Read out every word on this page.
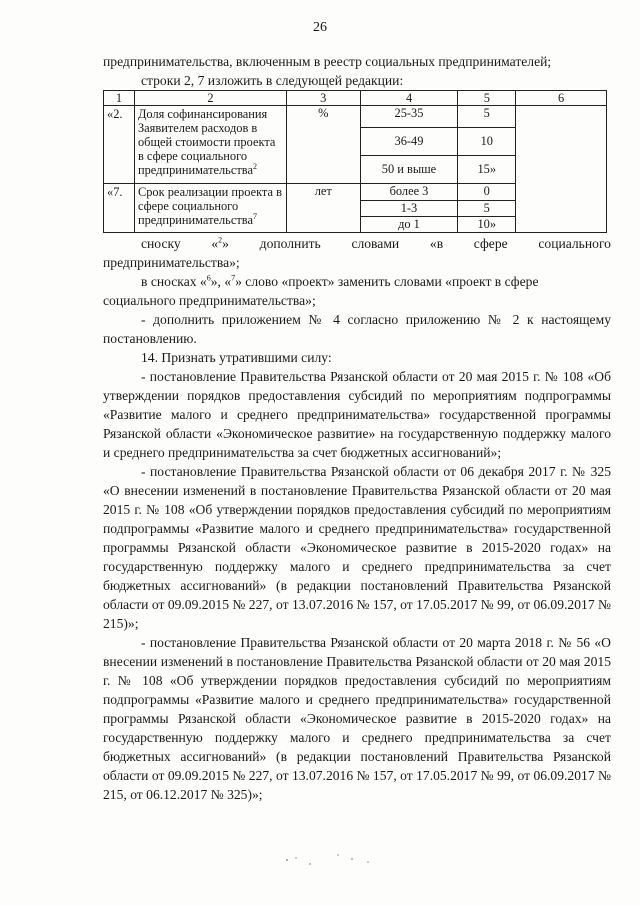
26

предпринимательства, включенным в реестр социальных предпринимателей;

строки 2, 7 изложить в следующей редакции:

1	2	3	4	5	6
«2.	Доля софинансирования Заявителем расходов в общей стоимости проекта в сфере социального предпринимательства$^2$	%		25-35	5
36-49	10
50 и выше	15»

«7.	Срок реализации проекта в сфере социального предпринимательства$^7$	лет		более 3	0
1-3	5
до 1	10»

сноску «$^2$» дополнить словами «в сфере социального

предпринимательства»;

в сносках «$^6$», «$^7$» слово «проект» заменить словами «проект в сфере социального предпринимательства»;

- дополнить приложением № 4 согласно приложению № 2 к настоящему постановлению.

14. Признать утратившими силу:

- постановление Правительства Рязанской области от 20 мая 2015 г. № 108 «Об утверждении порядков предоставления субсидий по мероприятиям подпрограммы «Развитие малого и среднего предпринимательства» государственной программы Рязанской области «Экономическое развитие» на государственную поддержку малого и среднего предпринимательства за счет бюджетных ассигнований»;

- постановление Правительства Рязанской области от 06 декабря 2017 г. № 325 «О внесении изменений в постановление Правительства Рязанской области от 20 мая 2015 г. № 108 «Об утверждении порядков предоставления субсидий по мероприятиям подпрограммы «Развитие малого и среднего предпринимательства» государственной программы Рязанской области «Экономическое развитие в 2015-2020 годах» на государственную поддержку малого и среднего предпринимательства за счет бюджетных ассигнований» (в редакции постановлений Правительства Рязанской области от 09.09.2015 № 227, от 13.07.2016 № 157, от 17.05.2017 № 99, от 06.09.2017 № 215)»;

- постановление Правительства Рязанской области от 20 марта 2018 г. № 56 «О внесении изменений в постановление Правительства Рязанской области от 20 мая 2015 г. № 108 «Об утверждении порядков предоставления субсидий по мероприятиям подпрограммы «Развитие малого и среднего предпринимательства» государственной программы Рязанской области «Экономическое развитие в 2015-2020 годах» на государственную поддержку малого и среднего предпринимательства за счет бюджетных ассигнований» (в редакции постановлений Правительства Рязанской области от 09.09.2015 № 227, от 13.07.2016 № 157, от 17.05.2017 № 99, от 06.09.2017 № 215, от 06.12.2017 № 325)»;
